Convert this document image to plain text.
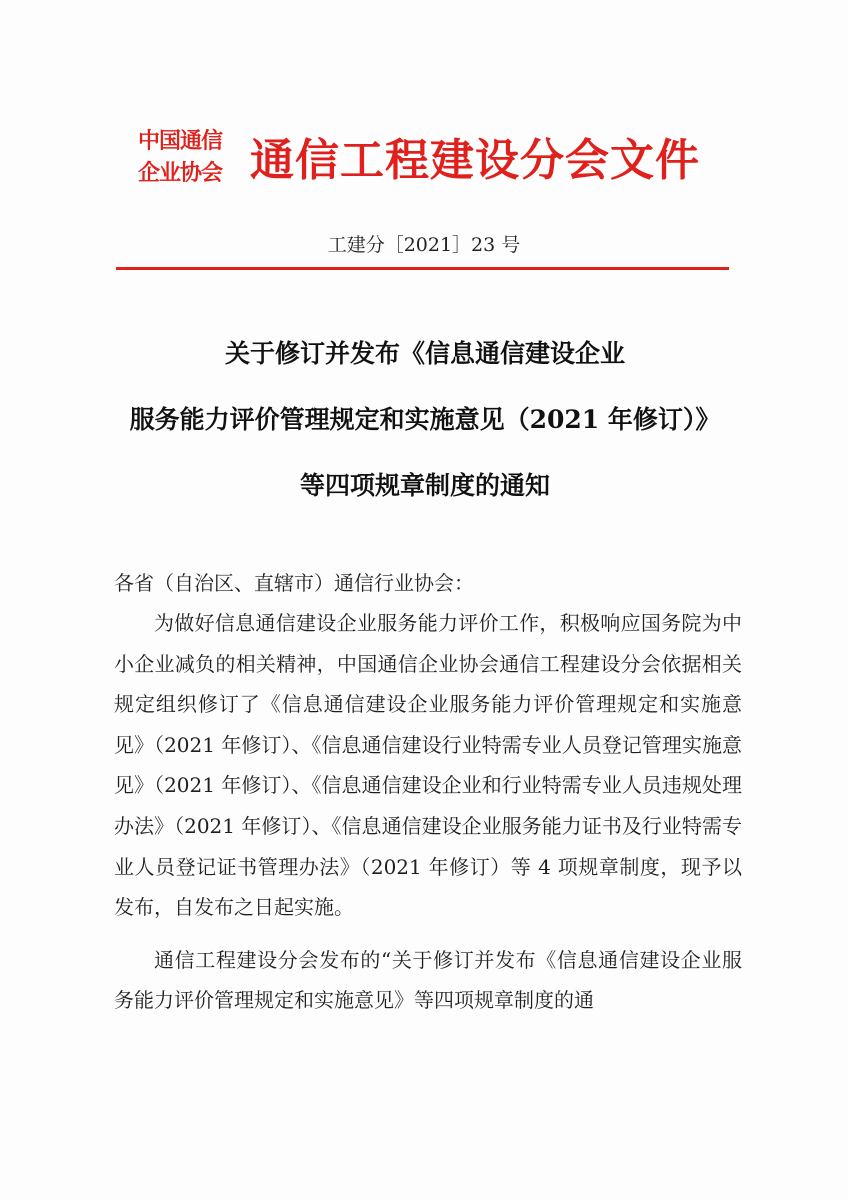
中国通信
企业协会 通信工程建设分会文件
工建分［2021］23 号
关于修订并发布《信息通信建设企业
服务能力评价管理规定和实施意见（2021 年修订）》
等四项规章制度的通知
各省（自治区、直辖市）通信行业协会：

为做好信息通信建设企业服务能力评价工作，积极响应国务院为中小企业减负的相关精神，中国通信企业协会通信工程建设分会依据相关规定组织修订了《信息通信建设企业服务能力评价管理规定和实施意见》（2021 年修订）、《信息通信建设行业特需专业人员登记管理实施意见》（2021 年修订）、《信息通信建设企业和行业特需专业人员违规处理办法》（2021 年修订）、《信息通信建设企业服务能力证书及行业特需专业人员登记证书管理办法》（2021 年修订）等 4 项规章制度，现予以发布，自发布之日起实施。

通信工程建设分会发布的“关于修订并发布《信息通信建设企业服务能力评价管理规定和实施意见》等四项规章制度的通
